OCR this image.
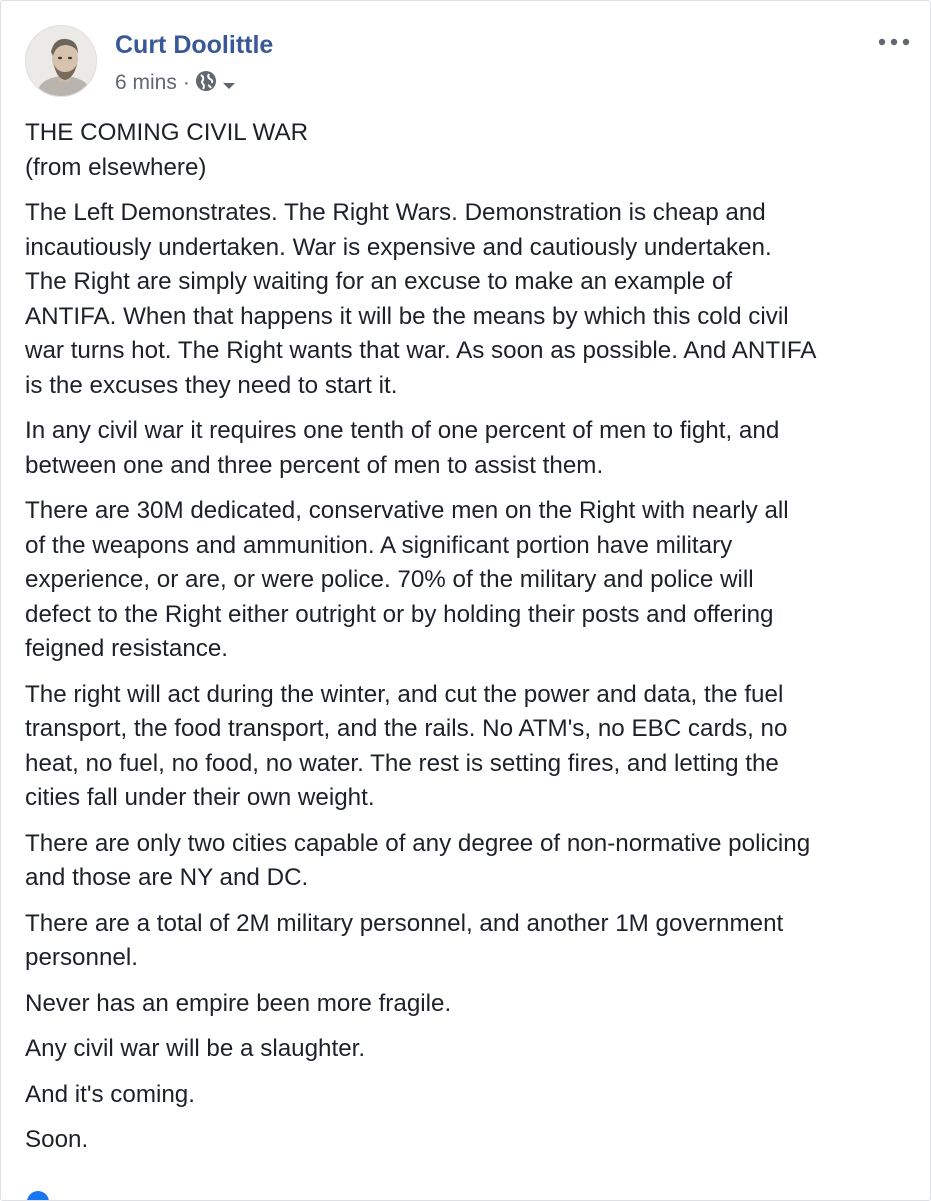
Curt Doolittle
6 mins ·

THE COMING CIVIL WAR
(from elsewhere)

The Left Demonstrates. The Right Wars. Demonstration is cheap and
incautiously undertaken. War is expensive and cautiously undertaken.
The Right are simply waiting for an excuse to make an example of
ANTIFA. When that happens it will be the means by which this cold civil
war turns hot. The Right wants that war. As soon as possible. And ANTIFA
is the excuses they need to start it.

In any civil war it requires one tenth of one percent of men to fight, and
between one and three percent of men to assist them.

There are 30M dedicated, conservative men on the Right with nearly all
of the weapons and ammunition. A significant portion have military
experience, or are, or were police. 70% of the military and police will
defect to the Right either outright or by holding their posts and offering
feigned resistance.

The right will act during the winter, and cut the power and data, the fuel
transport, the food transport, and the rails. No ATM's, no EBC cards, no
heat, no fuel, no food, no water. The rest is setting fires, and letting the
cities fall under their own weight.

There are only two cities capable of any degree of non-normative policing
and those are NY and DC.

There are a total of 2M military personnel, and another 1M government
personnel.

Never has an empire been more fragile.

Any civil war will be a slaughter.

And it's coming.

Soon.
